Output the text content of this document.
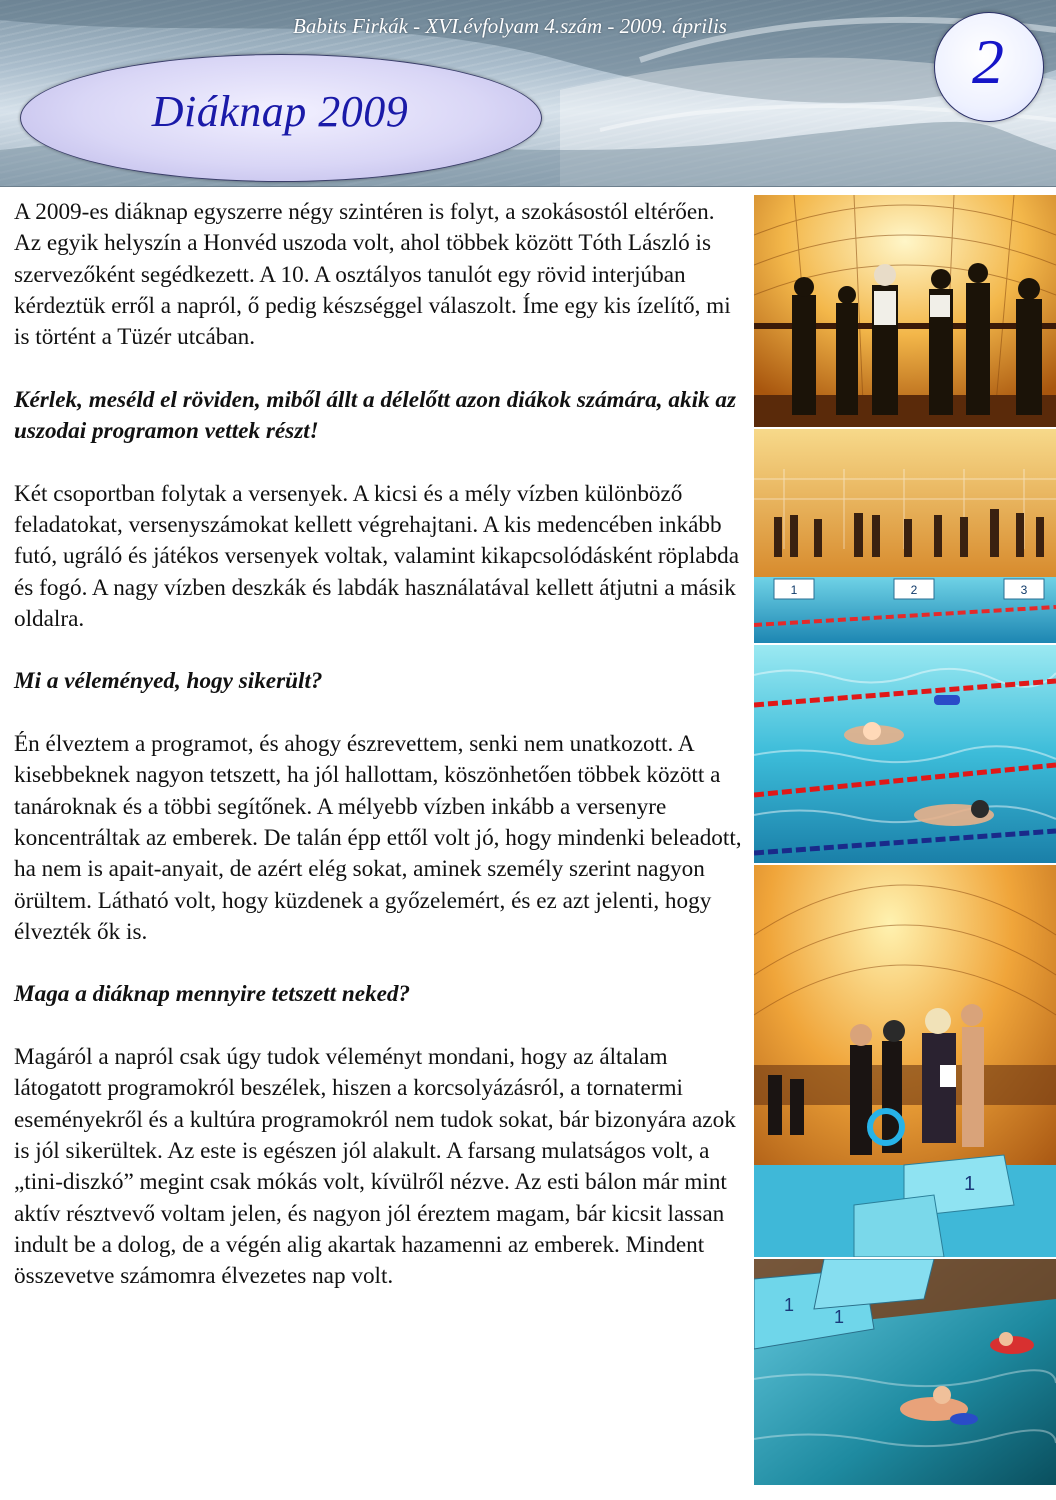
Babits Firkák - XVI.évfolyam 4.szám - 2009. április
Diáknap 2009
2

A 2009-es diáknap egyszerre négy szintéren is folyt, a szokásostól eltérően. Az egyik helyszín a Honvéd uszoda volt, ahol többek között Tóth László is szervezőként segédkezett. A 10. A osztályos tanulót egy rövid interjúban kérdeztük erről a napról, ő pedig készséggel válaszolt. Íme egy kis ízelítő, mi is történt a Tüzér utcában.

Kérlek, meséld el röviden, miből állt a délelőtt azon diákok számára, akik az uszodai programon vettek részt!

Két csoportban folytak a versenyek. A kicsi és a mély vízben különböző feladatokat, versenyszámokat kellett végrehajtani. A kis medencében inkább futó, ugráló és játékos versenyek voltak, valamint kikapcsolódásként röplabda és fogó. A nagy vízben deszkák és labdák használatával kellett átjutni a másik oldalra.

Mi a véleményed, hogy sikerült?

Én élveztem a programot, és ahogy észrevettem, senki nem unatkozott. A kisebbeknek nagyon tetszett, ha jól hallottam, köszönhetően többek között a tanároknak és a többi segítőnek. A mélyebb vízben inkább a versenyre koncentráltak az emberek. De talán épp ettől volt jó, hogy mindenki beleadott, ha nem is apait-anyait, de azért elég sokat, aminek személy szerint nagyon örültem. Látható volt, hogy küzdenek a győzelemért, és ez azt jelenti, hogy élvezték ők is.

Maga a diáknap mennyire tetszett neked?

Magáról a napról csak úgy tudok véleményt mondani, hogy az általam látogatott programokról beszélek, hiszen a korcsolyázásról, a tornatermi eseményekről és a kultúra programokról nem tudok sokat, bár bizonyára azok is jól sikerültek. Az este is egészen jól alakult. A farsang mulatságos volt, a „tini-diszkó” megint csak mókás volt, kívülről nézve. Az esti bálon már mint aktív résztvevő voltam jelen, és nagyon jól éreztem magam, bár kicsit lassan indult be a dolog, de a végén alig akartak hazamenni az emberek. Mindent összevetve számomra élvezetes nap volt.

1	2	3
1
1
1
